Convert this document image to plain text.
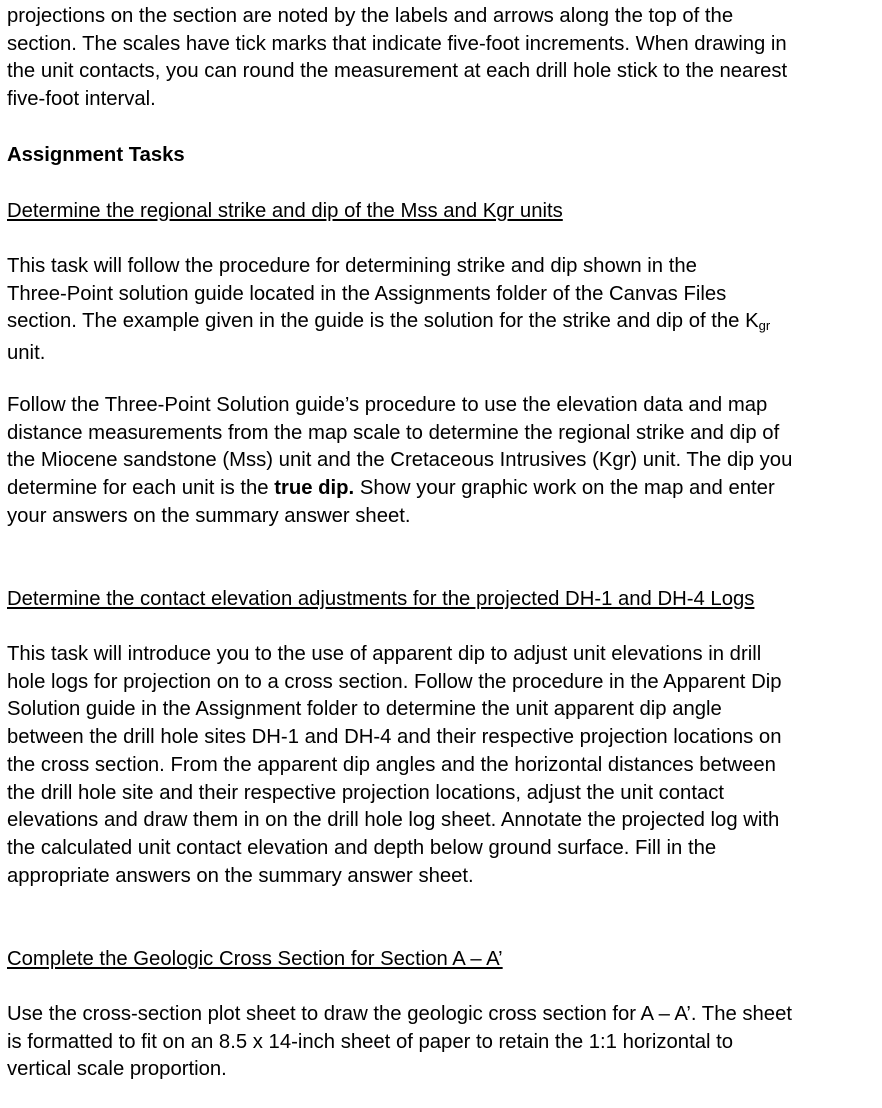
projections on the section are noted by the labels and arrows along the top of the
section. The scales have tick marks that indicate five-foot increments. When drawing in
the unit contacts, you can round the measurement at each drill hole stick to the nearest
five-foot interval.

Assignment Tasks

Determine the regional strike and dip of the Mss and Kgr units

This task will follow the procedure for determining strike and dip shown in the
Three-Point solution guide located in the Assignments folder of the Canvas Files
section. The example given in the guide is the solution for the strike and dip of the $K_{gr}$
unit.

Follow the Three-Point Solution guide’s procedure to use the elevation data and map
distance measurements from the map scale to determine the regional strike and dip of
the Miocene sandstone (Mss) unit and the Cretaceous Intrusives (Kgr) unit. The dip you
determine for each unit is the true dip. Show your graphic work on the map and enter
your answers on the summary answer sheet.

Determine the contact elevation adjustments for the projected DH-1 and DH-4 Logs

This task will introduce you to the use of apparent dip to adjust unit elevations in drill
hole logs for projection on to a cross section. Follow the procedure in the Apparent Dip
Solution guide in the Assignment folder to determine the unit apparent dip angle
between the drill hole sites DH-1 and DH-4 and their respective projection locations on
the cross section. From the apparent dip angles and the horizontal distances between
the drill hole site and their respective projection locations, adjust the unit contact
elevations and draw them in on the drill hole log sheet. Annotate the projected log with
the calculated unit contact elevation and depth below ground surface. Fill in the
appropriate answers on the summary answer sheet.

Complete the Geologic Cross Section for Section A – A’

Use the cross-section plot sheet to draw the geologic cross section for A – A’. The sheet
is formatted to fit on an 8.5 x 14-inch sheet of paper to retain the 1:1 horizontal to
vertical scale proportion.
